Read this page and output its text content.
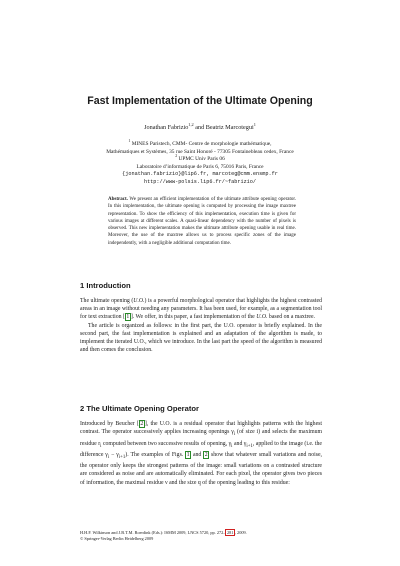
Fast Implementation of the Ultimate Opening
Jonathan Fabrizio$^{1,2}$ and Beatriz Marcotegui$^1$
$^1$ MINES Paristech, CMM- Centre de morphologie mathématique,
Mathématiques et Systèmes, 35 rue Saint Honoré - 77305 Fontainebleau cedex, France
$^2$ UPMC Univ Paris 06
Laboratoire d’informatique de Paris 6, 75016 Paris, France
{jonathan.fabrizio}@lip6.fr, marcoteg@cmm.ensmp.fr
http://www-polsis.lip6.fr/~fabrizio/
Abstract. We present an efficient implementation of the ultimate attribute opening operator. In this implementation, the ultimate opening is computed by processing the image maxtree representation. To show the efficiency of this implementation, execution time is given for various images at different scales. A quasi-linear dependency with the number of pixels is observed. This new implementation makes the ultimate attribute opening usable in real time. Moreover, the use of the maxtree allows us to process specific zones of the image independently, with a negligible additional computation time.
1 Introduction

The ultimate opening (U.O.) is a powerful morphological operator that highlights the highest contrasted areas in an image without needing any parameters. It has been used, for example, as a segmentation tool for text extraction [ 1 ]. We offer, in this paper, a fast implementation of the U.O. based on a maxtree.

The article is organized as follows: in the first part, the U.O. operator is briefly explained. In the second part, the fast implementation is explained and an adaptation of the algorithm is made, to implement the iterated U.O., which we introduce. In the last part the speed of the algorithm is measured and then comes the conclusion.

2 The Ultimate Opening Operator

Introduced by Beucher [ 2 ], the U.O. is a residual operator that highlights patterns with the highest contrast. The operator successively applies increasing openings $\gamma_i$ (of size i) and selects the maximum residue $r_i$ computed between two successive results of opening, $\gamma_i$ and $\gamma_{i+1}$, applied to the image (i.e. the difference $\gamma_i - \gamma_{i+1}$). The examples of Figs. 1 and 2 show that whatever small variations and noise, the operator only keeps the strongest patterns of the image: small variations on a contrasted structure are considered as noise and are automatically eliminated. For each pixel, the operator gives two pieces of information, the maximal residue ν and the size q of the opening leading to this residue:

H.H.F. Wilkinson and J.B.T.M. Roerdink (Eds.): ISMM 2009, LNCS 5720, pp. 272– 281 , 2009.
© Springer-Verlag Berlin Heidelberg 2009
